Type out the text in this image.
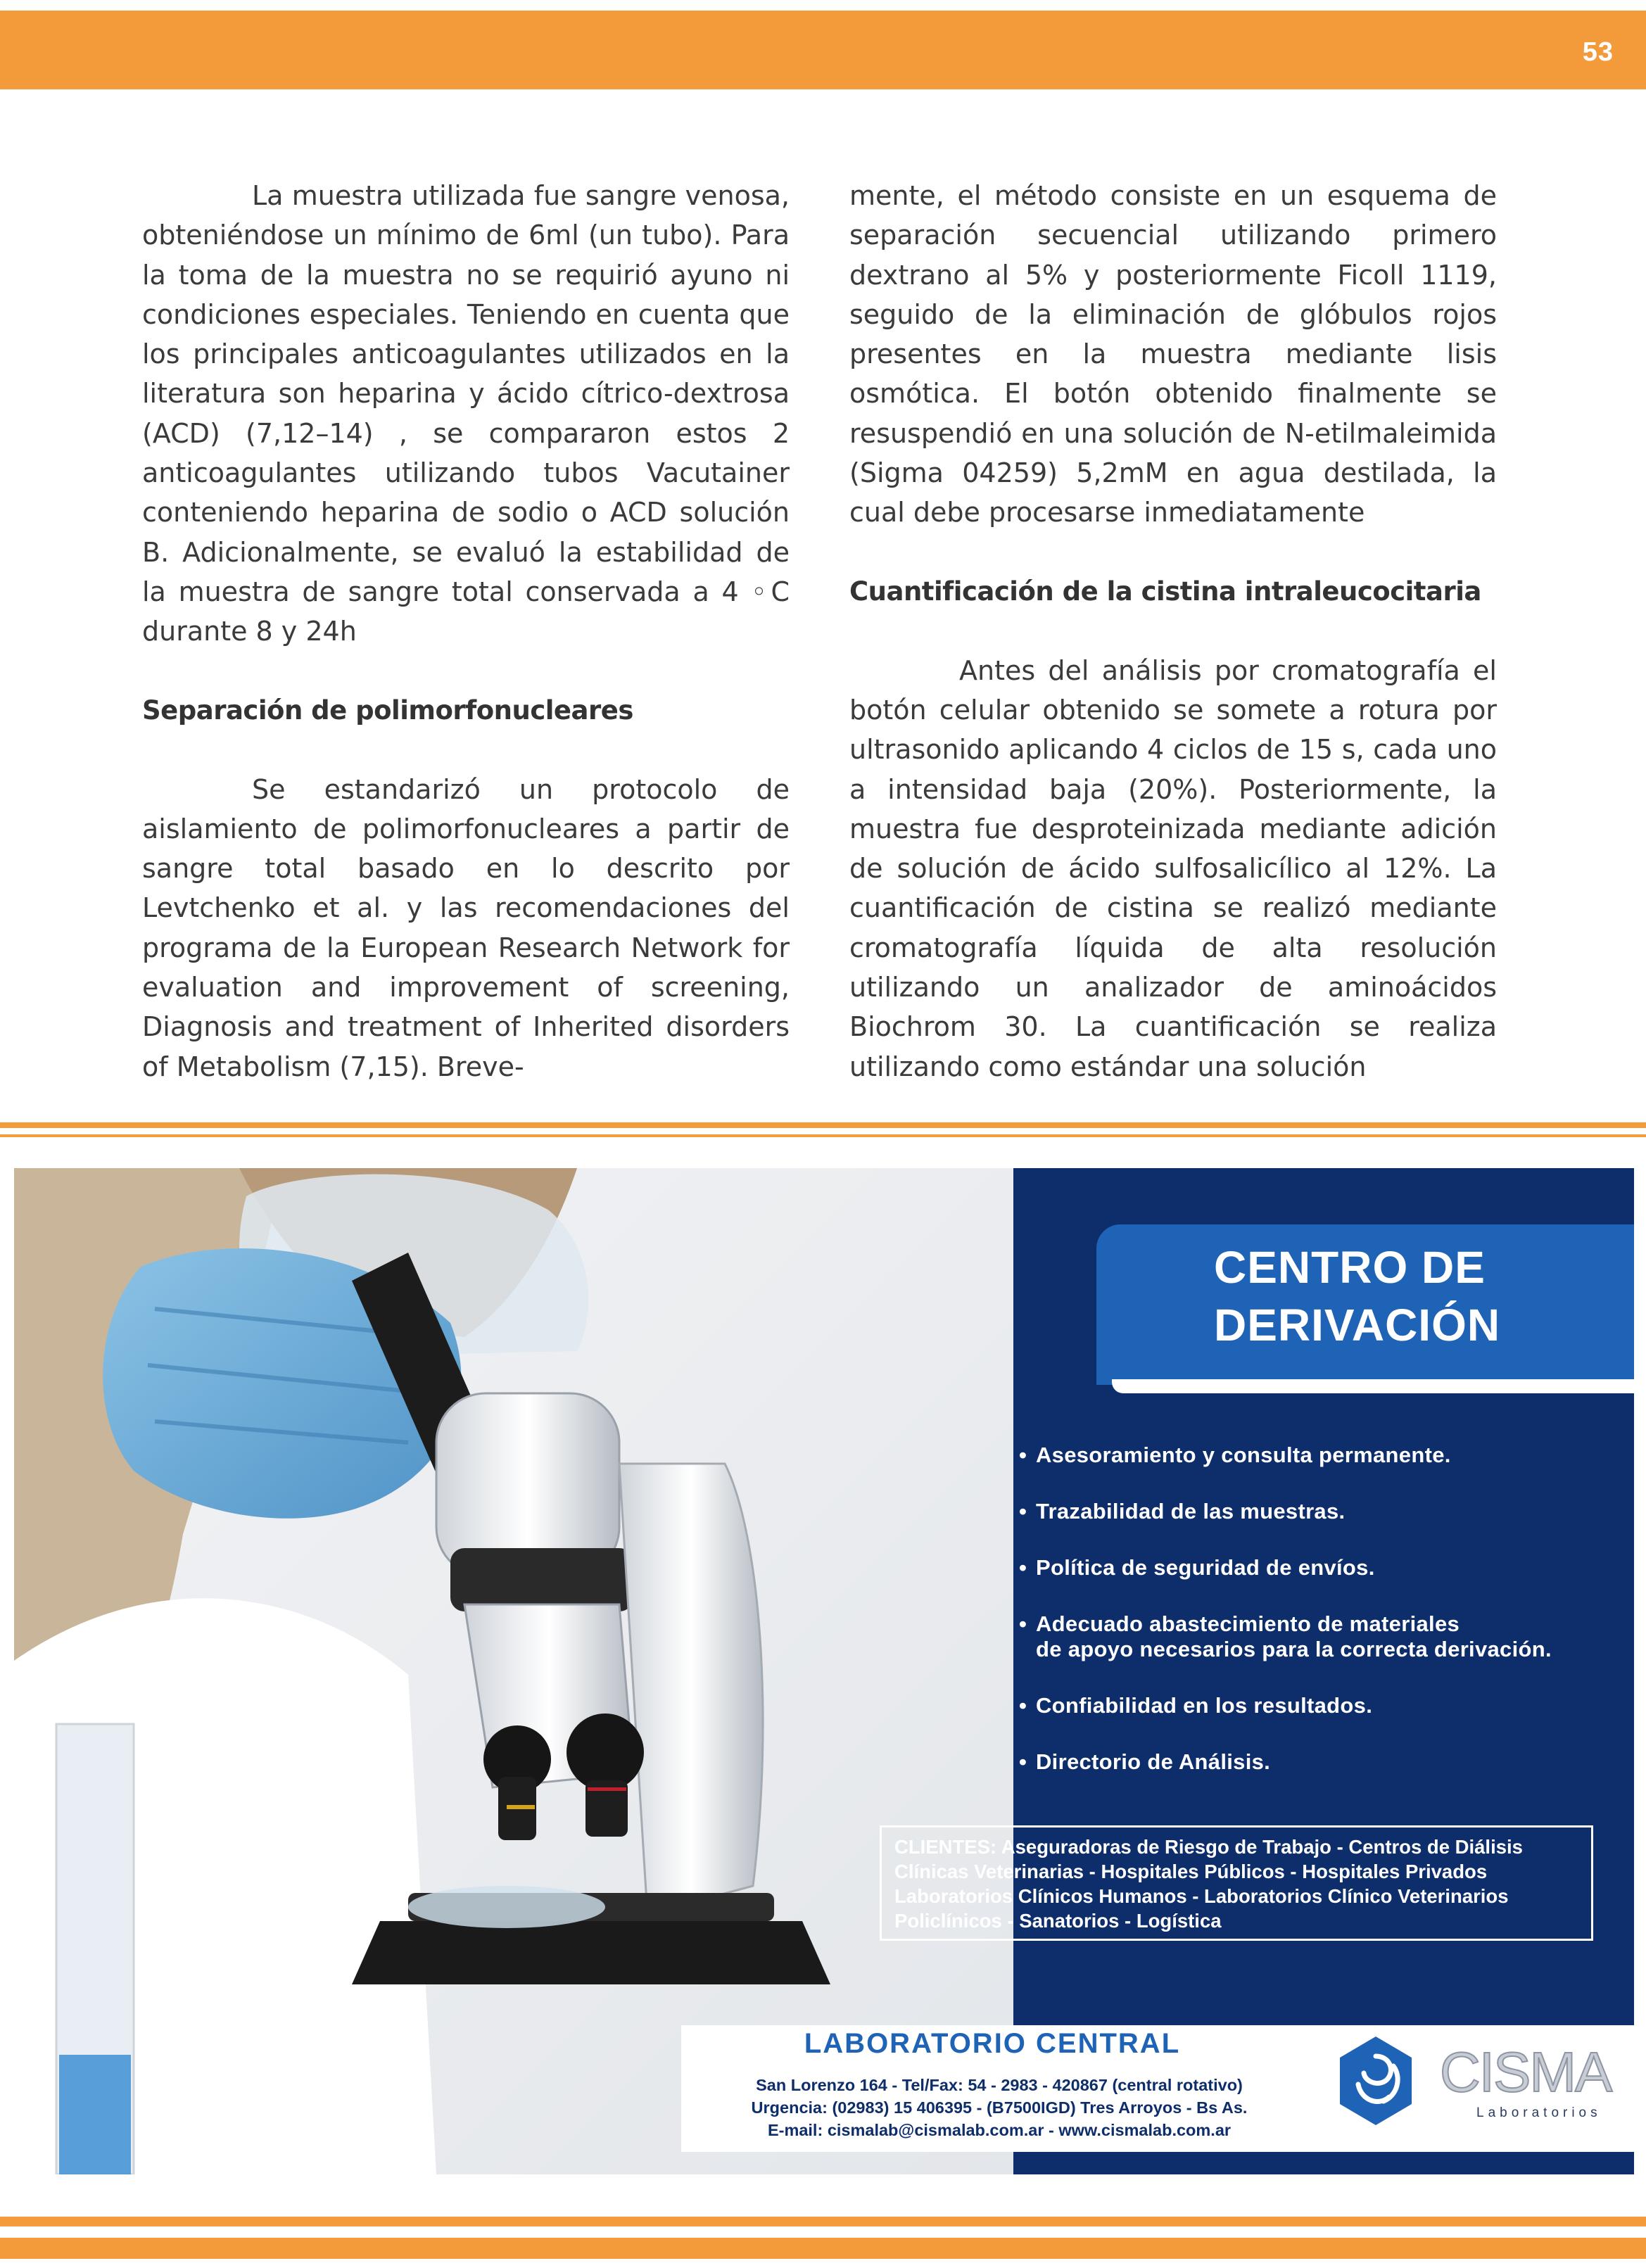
53

La muestra utilizada fue sangre venosa, obteniéndose un mínimo de 6ml (un tubo). Para la toma de la muestra no se requirió ayuno ni condiciones especiales. Teniendo en cuenta que los principales anticoagulantes utilizados en la literatura son heparina y ácido cítrico-dextrosa (ACD) (7,12–14) , se compararon estos 2 anticoagulantes utilizando tubos Vacutainer conteniendo heparina de sodio o ACD solución B. Adicionalmente, se evaluó la estabilidad de la muestra de sangre total conservada a 4 ◦C durante 8 y 24h

Separación de polimorfonucleares

Se estandarizó un protocolo de aislamiento de polimorfonucleares a partir de sangre total basado en lo descrito por Levtchenko et al. y las recomendaciones del programa de la European Research Network for evaluation and improvement of screening, Diagnosis and treatment of Inherited disorders of Metabolism (7,15). Breve-

mente, el método consiste en un esquema de separación secuencial utilizando primero dextrano al 5% y posteriormente Ficoll 1119, seguido de la eliminación de glóbulos rojos presentes en la muestra mediante lisis osmótica. El botón obtenido finalmente se resuspendió en una solución de N-etilmaleimida (Sigma 04259) 5,2mM en agua destilada, la cual debe procesarse inmediatamente

Cuantificación de la cistina intraleucocitaria

Antes del análisis por cromatografía el botón celular obtenido se somete a rotura por ultrasonido aplicando 4 ciclos de 15 s, cada uno a intensidad baja (20%). Posteriormente, la muestra fue desproteinizada mediante adición de solución de ácido sulfosalicílico al 12%. La cuantificación de cistina se realizó mediante cromatografía líquida de alta resolución utilizando un analizador de aminoácidos Biochrom 30. La cuantificación se realiza utilizando como estándar una solución

CENTRO DE
DERIVACIÓN
• Asesoramiento y consulta permanente.
• Trazabilidad de las muestras.
• Política de seguridad de envíos.
• Adecuado abastecimiento de materiales
de apoyo necesarios para la correcta derivación.
• Confiabilidad en los resultados.
• Directorio de Análisis.
CLIENTES: Aseguradoras de Riesgo de Trabajo - Centros de Diálisis
Clínicas Veterinarias - Hospitales Públicos - Hospitales Privados
Laboratorios Clínicos Humanos - Laboratorios Clínico Veterinarios
Policlínicos - Sanatorios - Logística
LABORATORIO CENTRAL
San Lorenzo 164 - Tel/Fax: 54 - 2983 - 420867 (central rotativo)
Urgencia: (02983) 15 406395 - (B7500IGD) Tres Arroyos - Bs As.
E-mail: cismalab@cismalab.com.ar - www.cismalab.com.ar
CISMA
Laboratorios
